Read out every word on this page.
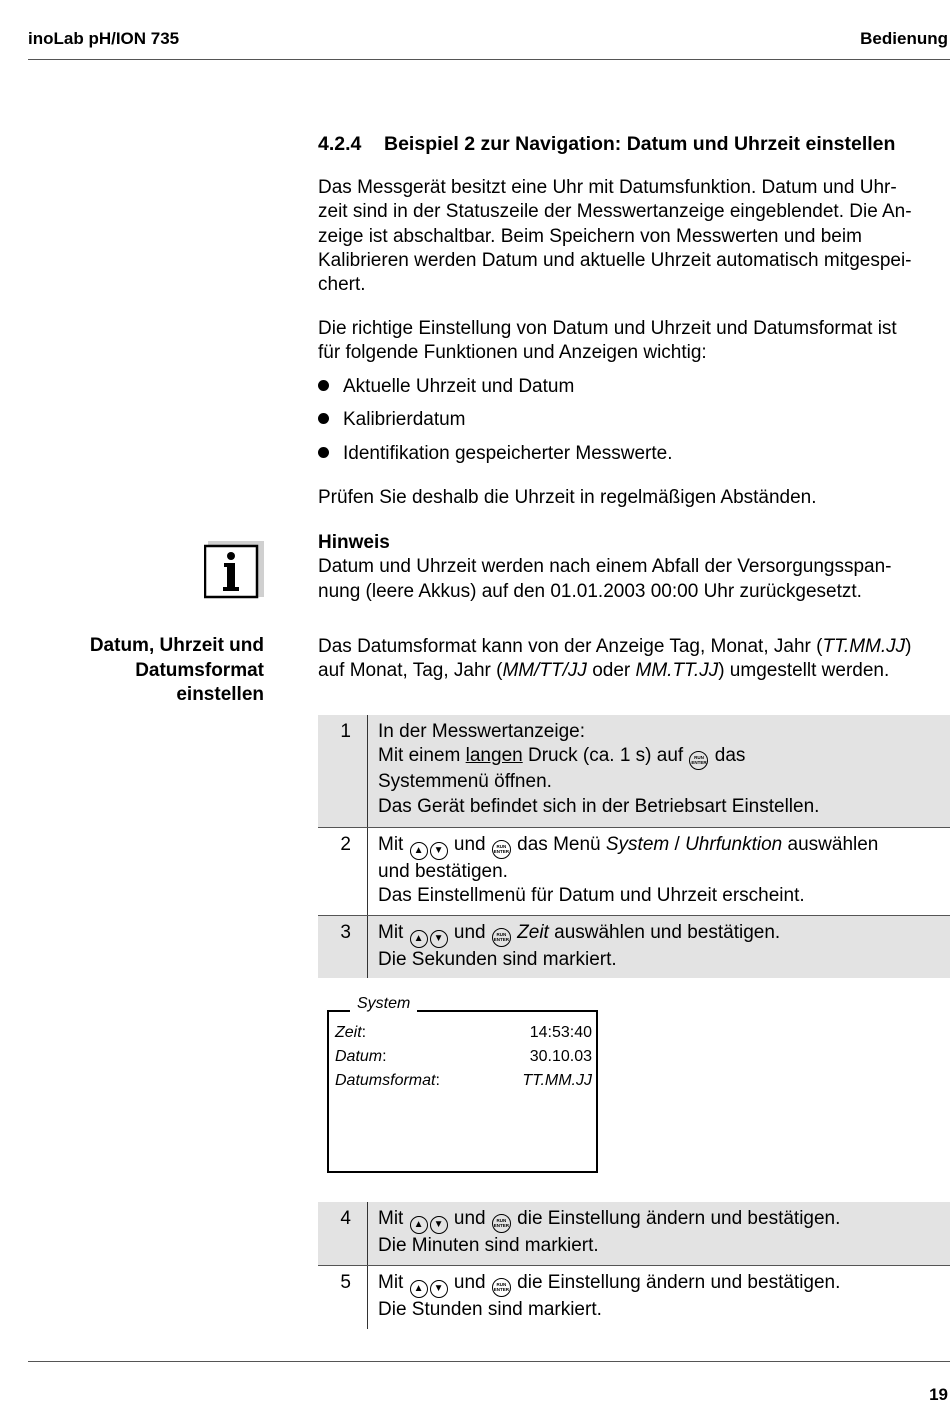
inoLab pH/ION 735	Bedienung
4.2.4 Beispiel 2 zur Navigation: Datum und Uhrzeit einstellen
Das Messgerät besitzt eine Uhr mit Datumsfunktion. Datum und Uhr-
zeit sind in der Statuszeile der Messwertanzeige eingeblendet. Die An-
zeige ist abschaltbar. Beim Speichern von Messwerten und beim
Kalibrieren werden Datum und aktuelle Uhrzeit automatisch mitgespei-
chert.
Die richtige Einstellung von Datum und Uhrzeit und Datumsformat ist
für folgende Funktionen und Anzeigen wichtig:
Aktuelle Uhrzeit und Datum
Kalibrierdatum
Identifikation gespeicherter Messwerte.
Prüfen Sie deshalb die Uhrzeit in regelmäßigen Abständen.
Hinweis
Datum und Uhrzeit werden nach einem Abfall der Versorgungsspan-
nung (leere Akkus) auf den 01.01.2003 00:00 Uhr zurückgesetzt.
Datum, Uhrzeit und
Datumsformat
einstellen
Das Datumsformat kann von der Anzeige Tag, Monat, Jahr (TT.MM.JJ)
auf Monat, Tag, Jahr (MM/TT/JJ oder MM.TT.JJ) umgestellt werden.
1	In der Messwertanzeige:
Mit einem langen Druck (ca. 1 s) auf RUN
ENTER das
Systemmenü öffnen.
Das Gerät befindet sich in der Betriebsart Einstellen.
2	Mit ▲ ▼ und RUN
ENTER das Menü System / Uhrfunktion auswählen
und bestätigen.
Das Einstellmenü für Datum und Uhrzeit erscheint.
3	Mit ▲ ▼ und RUN
ENTER Zeit auswählen und bestätigen.
Die Sekunden sind markiert.
Zeit:	14:53:40
Datum:	30.10.03
Datumsformat:	TT.MM.JJ
System
4	Mit ▲ ▼ und RUN
ENTER die Einstellung ändern und bestätigen.
Die Minuten sind markiert.
5	Mit ▲ ▼ und RUN
ENTER die Einstellung ändern und bestätigen.
Die Stunden sind markiert.
19
